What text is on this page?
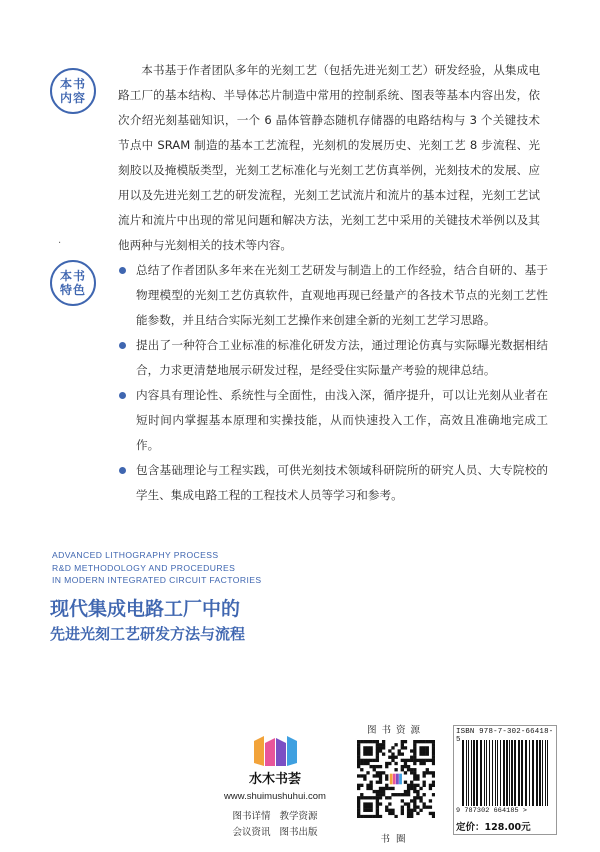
本书
内容

本书基于作者团队多年的光刻工艺（包括先进光刻工艺）研发经验，从集成电路工厂的基本结构、半导体芯片制造中常用的控制系统、图表等基本内容出发，依次介绍光刻基础知识，一个 6 晶体管静态随机存储器的电路结构与 3 个关键技术节点中 SRAM 制造的基本工艺流程，光刻机的发展历史、光刻工艺 8 步流程、光刻胶以及掩模版类型，光刻工艺标准化与光刻工艺仿真举例，光刻技术的发展、应用以及先进光刻工艺的研发流程，光刻工艺试流片和流片的基本过程，光刻工艺试流片和流片中出现的常见问题和解决方法，光刻工艺中采用的关键技术举例以及其他两种与光刻相关的技术等内容。

·
本书
特色
总结了作者团队多年来在光刻工艺研发与制造上的工作经验，结合自研的、基于物理模型的光刻工艺仿真软件，直观地再现已经量产的各技术节点的光刻工艺性能参数，并且结合实际光刻工艺操作来创建全新的光刻工艺学习思路。
提出了一种符合工业标准的标准化研发方法，通过理论仿真与实际曝光数据相结合，力求更清楚地展示研发过程，是经受住实际量产考验的规律总结。
内容具有理论性、系统性与全面性，由浅入深，循序提升，可以让光刻从业者在短时间内掌握基本原理和实操技能，从而快速投入工作，高效且准确地完成工作。
包含基础理论与工程实践，可供光刻技术领域科研院所的研究人员、大专院校的学生、集成电路工程的工程技术人员等学习和参考。
ADVANCED LITHOGRAPHY PROCESS
R&D METHODOLOGY AND PROCEDURES
IN MODERN INTEGRATED CIRCUIT FACTORIES
现代集成电路工厂中的
先进光刻工艺研发方法与流程
水木书荟
www.shuimushuhui.com
图书详情 教学资源
会议资讯 图书出版
图书资源
书圈
ISBN 978-7-302-66418-5
9 787302 664185 >
定价：128.00元
